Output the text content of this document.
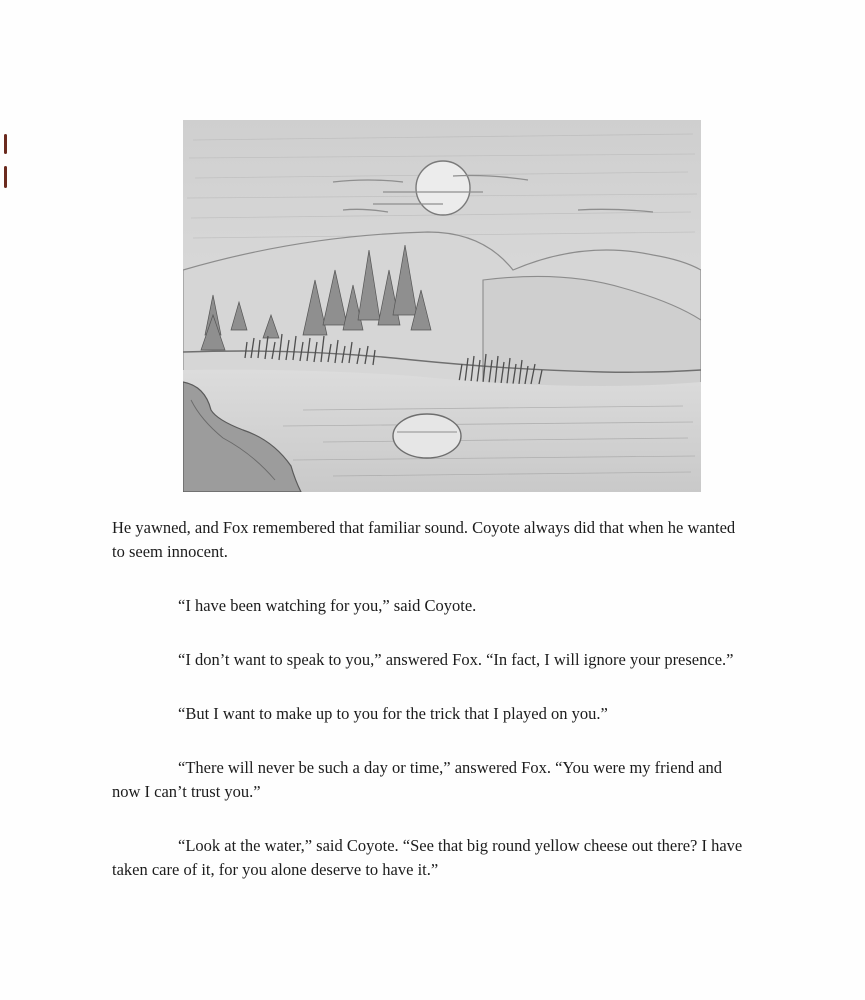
He yawned, and Fox remembered that familiar sound. Coyote always did that when he wanted to seem innocent.

“I have been watching for you,” said Coyote.

“I don’t want to speak to you,” answered Fox. “In fact, I will ignore your presence.”

“But I want to make up to you for the trick that I played on you.”

“There will never be such a day or time,” answered Fox. “You were my friend and now I can’t trust you.”

“Look at the water,” said Coyote. “See that big round yellow cheese out there? I have taken care of it, for you alone deserve to have it.”
